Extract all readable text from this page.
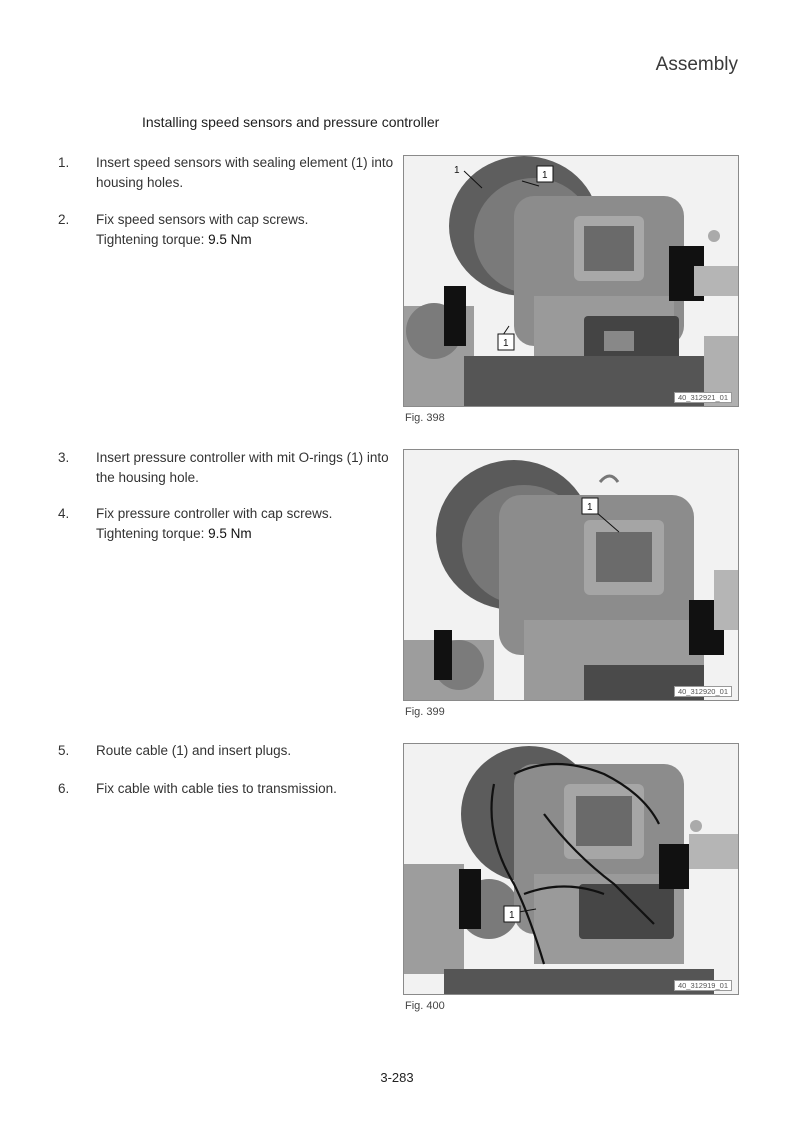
Assembly
Installing speed sensors and pressure controller
1.	Insert speed sensors with sealing element (1) into housing holes.
2.	Fix speed sensors with cap screws.
Tightening torque: 9.5 Nm
3.	Insert pressure controller with mit O-rings (1) into the housing hole.
4.	Fix pressure controller with cap screws.
Tightening torque: 9.5 Nm
5.	Route cable (1) and insert plugs.
6.	Fix cable with cable ties to transmission.
1	1
1
40_312921_01
Fig. 398
1
40_312920_01
Fig. 399
1
40_312919_01
Fig. 400
3-283
